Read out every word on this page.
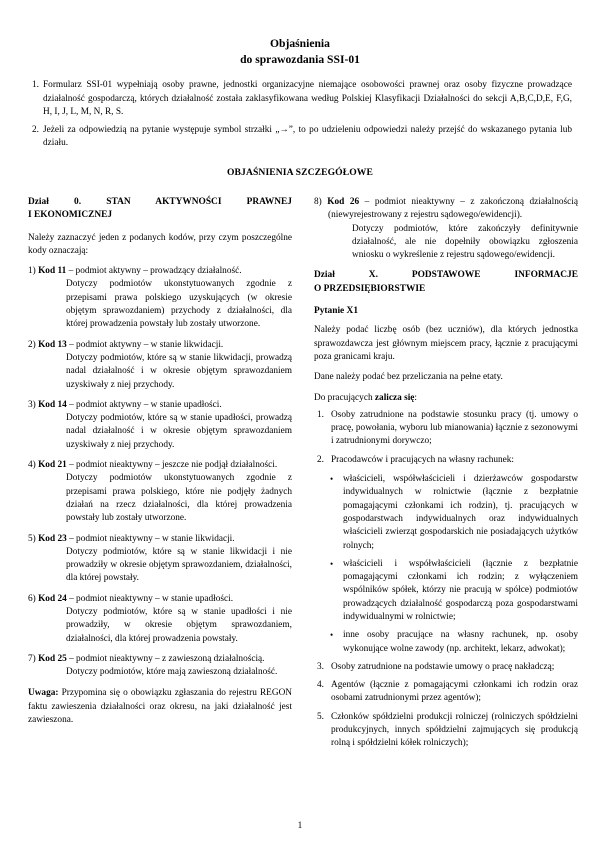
Objaśnienia
do sprawozdania SSI-01
1. Formularz SSI-01 wypełniają osoby prawne, jednostki organizacyjne niemające osobowości prawnej oraz osoby fizyczne prowadzące działalność gospodarczą, których działalność została zaklasyfikowana według Polskiej Klasyfikacji Działalności do sekcji A,B,C,D,E, F,G, H, I, J, L, M, N, R, S.
2. Jeżeli za odpowiedzią na pytanie występuje symbol strzałki „→”, to po udzieleniu odpowiedzi należy przejść do wskazanego pytania lub działu.
OBJAŚNIENIA SZCZEGÓŁOWE
Dział 0. STAN AKTYWNOŚCI PRAWNEJ
I EKONOMICZNEJ

Należy zaznaczyć jeden z podanych kodów, przy czym poszczególne kody oznaczają:

1) Kod 11 – podmiot aktywny – prowadzący działalność.

Dotyczy podmiotów ukonstytuowanych zgodnie z przepisami prawa polskiego uzyskujących (w okresie objętym sprawozdaniem) przychody z działalności, dla której prowadzenia powstały lub zostały utworzone.

2) Kod 13 – podmiot aktywny – w stanie likwidacji.

Dotyczy podmiotów, które są w stanie likwidacji, prowadzą nadal działalność i w okresie objętym sprawozdaniem uzyskiwały z niej przychody.

3) Kod 14 – podmiot aktywny – w stanie upadłości.

Dotyczy podmiotów, które są w stanie upadłości, prowadzą nadal działalność i w okresie objętym sprawozdaniem uzyskiwały z niej przychody.

4) Kod 21 – podmiot nieaktywny – jeszcze nie podjął działalności.

Dotyczy podmiotów ukonstytuowanych zgodnie z przepisami prawa polskiego, które nie podjęły żadnych działań na rzecz działalności, dla której prowadzenia powstały lub zostały utworzone.

5) Kod 23 – podmiot nieaktywny – w stanie likwidacji.

Dotyczy podmiotów, które są w stanie likwidacji i nie prowadziły w okresie objętym sprawozdaniem, działalności, dla której powstały.

6) Kod 24 – podmiot nieaktywny – w stanie upadłości.

Dotyczy podmiotów, które są w stanie upadłości i nie prowadziły, w okresie objętym sprawozdaniem, działalności, dla której prowadzenia powstały.

7) Kod 25 – podmiot nieaktywny – z zawieszoną działalnością.

Dotyczy podmiotów, które mają zawieszoną działalność.

Uwaga: Przypomina się o obowiązku zgłaszania do rejestru REGON faktu zawieszenia działalności oraz okresu, na jaki działalność jest zawieszona.

8) Kod 26 – podmiot nieaktywny – z zakończoną działalnością (niewyrejestrowany z rejestru sądowego/ewidencji).

Dotyczy podmiotów, które zakończyły definitywnie działalność, ale nie dopełniły obowiązku zgłoszenia wniosku o wykreślenie z rejestru sądowego/ewidencji.

Dział X. PODSTAWOWE INFORMACJE
O PRZEDSIĘBIORSTWIE
Pytanie X1

Należy podać liczbę osób (bez uczniów), dla których jednostka sprawozdawcza jest głównym miejscem pracy, łącznie z pracującymi poza granicami kraju.

Dane należy podać bez przeliczania na pełne etaty.

Do pracujących zalicza się:

1. Osoby zatrudnione na podstawie stosunku pracy (tj. umowy o pracę, powołania, wyboru lub mianowania) łącznie z sezonowymi i zatrudnionymi dorywczo;
2. Pracodawców i pracujących na własny rachunek:
•	właścicieli, współwłaścicieli i dzierżawców gospodarstw indywidualnych w rolnictwie (łącznie z bezpłatnie pomagającymi członkami ich rodzin), tj. pracujących w gospodarstwach indywidualnych oraz indywidualnych właścicieli zwierząt gospodarskich nie posiadających użytków rolnych;
•	właścicieli i współwłaścicieli (łącznie z bezpłatnie pomagającymi członkami ich rodzin; z wyłączeniem wspólników spółek, którzy nie pracują w spółce) podmiotów prowadzących działalność gospodarczą poza gospodarstwami indywidualnymi w rolnictwie;
•	inne osoby pracujące na własny rachunek, np. osoby wykonujące wolne zawody (np. architekt, lekarz, adwokat);
3. Osoby zatrudnione na podstawie umowy o pracę nakładczą;
4. Agentów (łącznie z pomagającymi członkami ich rodzin oraz osobami zatrudnionymi przez agentów);
5. Członków spółdzielni produkcji rolniczej (rolniczych spółdzielni produkcyjnych, innych spółdzielni zajmujących się produkcją rolną i spółdzielni kółek rolniczych);
1
